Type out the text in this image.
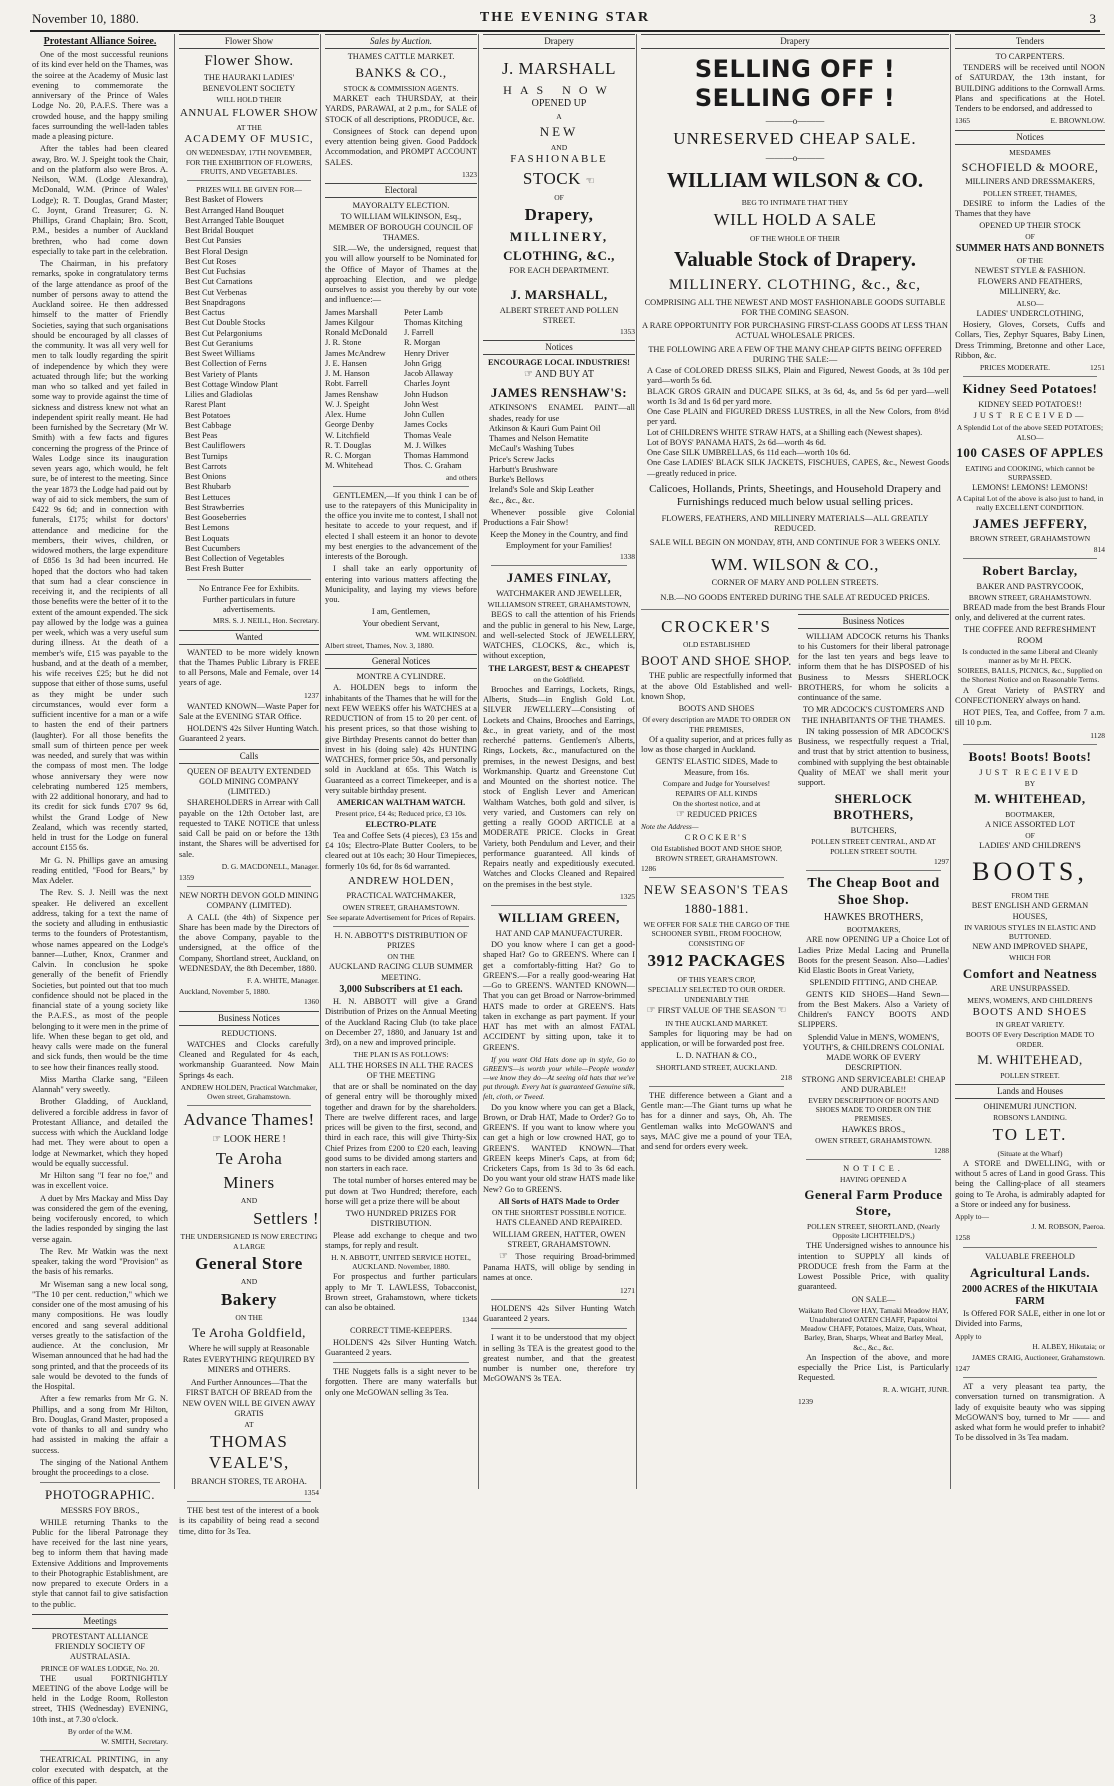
November 10, 1880.	THE EVENING STAR	3
Protestant Alliance Soiree.

One of the most successful reunions of its kind ever held on the Thames, was the soiree at the Academy of Music last evening to commemorate the anniversary of the Prince of Wales Lodge No. 20, P.A.F.S. There was a crowded house, and the happy smiling faces surrounding the well-laden tables made a pleasing picture.

After the tables had been cleared away, Bro. W. J. Speight took the Chair, and on the platform also were Bros. A. Neilson, W.M. (Lodge Alexandra), McDonald, W.M. (Prince of Wales' Lodge); R. T. Douglas, Grand Master; C. Joynt, Grand Treasurer; G. N. Phillips, Grand Chaplain; Bro. Scott, P.M., besides a number of Auckland brethren, who had come down especially to take part in the celebration.

The Chairman, in his prefatory remarks, spoke in congratulatory terms of the large attendance as proof of the number of persons away to attend the Auckland soiree. He then addressed himself to the matter of Friendly Societies, saying that such organisations should be encouraged by all classes of the community. It was all very well for men to talk loudly regarding the spirit of independence by which they were actuated through life; but the working man who so talked and yet failed in some way to provide against the time of sickness and distress knew not what an independent spirit really meant. He had been furnished by the Secretary (Mr W. Smith) with a few facts and figures concerning the progress of the Prince of Wales Lodge since its inauguration seven years ago, which would, he felt sure, be of interest to the meeting. Since the year 1873 the Lodge had paid out by way of aid to sick members, the sum of £422 9s 6d; and in connection with funerals, £175; whilst for doctors' attendance and medicine for the members, their wives, children, or widowed mothers, the large expenditure of £856 1s 3d had been incurred. He hoped that the doctors who had taken that sum had a clear conscience in receiving it, and the recipients of all those benefits were the better of it to the extent of the amount expended. The sick pay allowed by the lodge was a guinea per week, which was a very useful sum during illness. At the death of a member's wife, £15 was payable to the husband, and at the death of a member, his wife receives £25; but he did not suppose that either of those sums, useful as they might be under such circumstances, would ever form a sufficient incentive for a man or a wife to hasten the end of their partners (laughter). For all those benefits the small sum of thirteen pence per week was needed, and surely that was within the compass of most men. The lodge whose anniversary they were now celebrating numbered 125 members, with 22 additional honorary, and had to its credit for sick funds £707 9s 6d, whilst the Grand Lodge of New Zealand, which was recently started, held in trust for the Lodge on funeral account £155 6s.

Mr G. N. Phillips gave an amusing reading entitled, "Food for Bears," by Max Adeler.

The Rev. S. J. Neill was the next speaker. He delivered an excellent address, taking for a text the name of the society and alluding in enthusiastic terms to the founders of Protestantism, whose names appeared on the Lodge's banner—Luther, Knox, Cranmer and Calvin. In conclusion he spoke generally of the benefit of Friendly Societies, but pointed out that too much confidence should not be placed in the financial state of a young society like the P.A.F.S., as most of the people belonging to it were men in the prime of life. When these began to get old, and heavy calls were made on the funeral and sick funds, then would be the time to see how their finances really stood.

Miss Martha Clarke sang, "Eileen Alannah" very sweetly.

Brother Gladding, of Auckland, delivered a forcible address in favor of Protestant Alliance, and detailed the success with which the Auckland lodge had met. They were about to open a lodge at Newmarket, which they hoped would be equally successful.

Mr Hilton sang "I fear no foe," and was in excellent voice.

A duet by Mrs Mackay and Miss Day was considered the gem of the evening, being vociferously encored, to which the ladies responded by singing the last verse again.

The Rev. Mr Watkin was the next speaker, taking the word "Provision" as the basis of his remarks.

Mr Wiseman sang a new local song, "The 10 per cent. reduction," which we consider one of the most amusing of his many compositions. He was loudly encored and sang several additional verses greatly to the satisfaction of the audience. At the conclusion, Mr Wiseman announced that he had had the song printed, and that the proceeds of its sale would be devoted to the funds of the Hospital.

After a few remarks from Mr G. N. Phillips, and a song from Mr Hilton, Bro. Douglas, Grand Master, proposed a vote of thanks to all and sundry who had assisted in making the affair a success.

The singing of the National Anthem brought the proceedings to a close.

PHOTOGRAPHIC.
MESSRS FOY BROS.,

WHILE returning Thanks to the Public for the liberal Patronage they have received for the last nine years, beg to inform them that having made Extensive Additions and Improvements to their Photographic Establishment, are now prepared to execute Orders in a style that cannot fail to give satisfaction to the public.

Meetings
PROTESTANT ALLIANCE FRIENDLY SOCIETY OF AUSTRALASIA.
PRINCE OF WALES LODGE, No. 20.

THE usual FORTNIGHTLY MEETING of the above Lodge will be held in the Lodge Room, Rolleston street, THIS (Wednesday) EVENING, 10th inst., at 7.30 o'clock.

By order of the W.M.
W. SMITH, Secretary.

THEATRICAL PRINTING, in any color executed with despatch, at the office of this paper.

Flower Show
Flower Show.
THE HAURAKI LADIES' BENEVOLENT SOCIETY
WILL HOLD THEIR
ANNUAL FLOWER SHOW
AT THE
ACADEMY OF MUSIC,
ON WEDNESDAY, 17TH NOVEMBER,
FOR THE EXHIBITION OF FLOWERS, FRUITS, AND VEGETABLES.
PRIZES WILL BE GIVEN FOR—
Best Basket of Flowers
Best Arranged Hand Bouquet
Best Arranged Table Bouquet
Best Bridal Bouquet
Best Cut Pansies
Best Floral Design
Best Cut Roses
Best Cut Fuchsias
Best Cut Carnations
Best Cut Verbenas
Best Snapdragons
Best Cactus
Best Cut Double Stocks
Best Cut Pelargoniums
Best Cut Geraniums
Best Sweet Williams
Best Collection of Ferns
Best Variety of Plants
Best Cottage Window Plant
Lilies and Gladiolas
Rarest Plant
Best Potatoes
Best Cabbage
Best Peas
Best Cauliflowers
Best Turnips
Best Carrots
Best Onions
Best Rhubarb
Best Lettuces
Best Strawberries
Best Gooseberries
Best Lemons
Best Loquats
Best Cucumbers
Best Collection of Vegetables
Best Fresh Butter
No Entrance Fee for Exhibits.
Further particulars in future advertisements.
MRS. S. J. NEILL, Hon. Secretary.
Wanted

WANTED to be more widely known that the Thames Public Library is FREE to all Persons, Male and Female, over 14 years of age.

1237

WANTED KNOWN—Waste Paper for Sale at the EVENING STAR Office.

HOLDEN'S 42s Silver Hunting Watch. Guaranteed 2 years.

Calls
QUEEN OF BEAUTY EXTENDED GOLD MINING COMPANY (LIMITED.)

SHAREHOLDERS in Arrear with Call payable on the 12th October last, are requested to TAKE NOTICE that unless said Call be paid on or before the 13th instant, the Shares will be advertised for sale.

D. G. MACDONELL, Manager.
1359
NEW NORTH DEVON GOLD MINING COMPANY (LIMITED).

A CALL (the 4th) of Sixpence per Share has been made by the Directors of the above Company, payable to the undersigned, at the office of the Company, Shortland street, Auckland, on WEDNESDAY, the 8th December, 1880.

F. A. WHITE, Manager.
Auckland, November 5, 1880.
1360
Business Notices
REDUCTIONS.

WATCHES and Clocks carefully Cleaned and Regulated for 4s each, workmanship Guaranteed. Now Main Springs 4s each.

ANDREW HOLDEN, Practical Watchmaker, Owen street, Grahamstown.
Advance Thames!
☞ LOOK HERE !
Te Aroha
Miners
AND
Settlers !
THE UNDERSIGNED IS NOW ERECTING A LARGE
General Store
AND
Bakery
ON THE
Te Aroha Goldfield,
Where he will supply at Reasonable Rates EVERYTHING REQUIRED BY MINERS and OTHERS.
And Further Announces—That the FIRST BATCH OF BREAD from the NEW OVEN WILL BE GIVEN AWAY GRATIS
AT
THOMAS VEALE'S,
BRANCH STORES, TE AROHA.
1354

THE best test of the interest of a book is its capability of being read a second time, ditto for 3s Tea.

Sales by Auction.
THAMES CATTLE MARKET.
BANKS & CO.,
STOCK & COMMISSION AGENTS.

MARKET each THURSDAY, at their YARDS, PARAWAI, at 2 p.m., for SALE of STOCK of all descriptions, PRODUCE, &c.

Consignees of Stock can depend upon every attention being given. Good Paddock Accommodation, and PROMPT ACCOUNT SALES.

1323
Electoral
MAYORALTY ELECTION.
TO WILLIAM WILKINSON, Esq., MEMBER OF BOROUGH COUNCIL OF THAMES.

SIR.—We, the undersigned, request that you will allow yourself to be Nominated for the Office of Mayor of Thames at the approaching Election, and we pledge ourselves to assist you thereby by our vote and influence:—

James Marshall
James Kilgour
Ronald McDonald
J. R. Stone
James McAndrew
J. E. Hansen
J. M. Hanson
Robt. Farrell
James Renshaw
W. J. Speight
Alex. Hume
George Denby
W. Litchfield
R. T. Douglas
R. C. Morgan
M. Whitehead
Peter Lamb
Thomas Kitching
J. Farrell
R. Morgan
Henry Driver
John Grigg
Jacob Allaway
Charles Joynt
John Hudson
John West
John Cullen
James Cocks
Thomas Veale
M. J. Wilkes
Thomas Hammond
Thos. C. Graham
and others

GENTLEMEN,—If you think I can be of use to the ratepayers of this Municipality in the office you invite me to contest, I shall not hesitate to accede to your request, and if elected I shall esteem it an honor to devote my best energies to the advancement of the interests of the Borough.

I shall take an early opportunity of entering into various matters affecting the Municipality, and laying my views before you.

I am, Gentlemen,
Your obedient Servant,
WM. WILKINSON.
Albert street, Thames, Nov. 3, 1880.
General Notices
MONTRE A CYLINDRE.

A. HOLDEN begs to inform the inhabitants of the Thames that he will for the next FEW WEEKS offer his WATCHES at a REDUCTION of from 15 to 20 per cent. of his present prices, so that those wishing to give Birthday Presents cannot do better than invest in his (doing sale) 42s HUNTING WATCHES, former price 50s, and personally sold in Auckland at 65s. This Watch is Guaranteed as a correct Timekeeper, and is a very suitable birthday present.

AMERICAN WALTHAM WATCH.
Present price, £4 4s; Reduced price, £3 10s.
ELECTRO-PLATE

Tea and Coffee Sets (4 pieces), £3 15s and £4 10s; Electro-Plate Butter Coolers, to be cleared out at 10s each; 30 Hour Timepieces, formerly 10s 6d, for 8s 6d warranted.

ANDREW HOLDEN,
PRACTICAL WATCHMAKER,
OWEN STREET, GRAHAMSTOWN.
See separate Advertisement for Prices of Repairs.
H. N. ABBOTT'S DISTRIBUTION OF PRIZES
ON THE
AUCKLAND RACING CLUB SUMMER MEETING.
3,000 Subscribers at £1 each.

H. N. ABBOTT will give a Grand Distribution of Prizes on the Annual Meeting of the Auckland Racing Club (to take place on December 27, 1880, and January 1st and 3rd), on a new and improved principle.

THE PLAN IS AS FOLLOWS:
ALL THE HORSES IN ALL THE RACES OF THE MEETING

that are or shall be nominated on the day of general entry will be thoroughly mixed together and drawn for by the shareholders. There are twelve different races, and large prices will be given to the first, second, and third in each race, this will give Thirty-Six Chief Prizes from £200 to £20 each, leaving good sums to be divided among starters and non starters in each race.

The total number of horses entered may be put down at Two Hundred; therefore, each horse will get a prize there will be about

TWO HUNDRED PRIZES FOR DISTRIBUTION.

Please add exchange to cheque and two stamps, for reply and result.

H. N. ABBOTT, UNITED SERVICE HOTEL, AUCKLAND. November, 1880.

For prospectus and further particulars apply to Mr T. LAWLESS, Tobacconist, Brown street, Grahamstown, where tickets can also be obtained.

1344
CORRECT TIME-KEEPERS.

HOLDEN'S 42s Silver Hunting Watch. Guaranteed 2 years.

THE Nuggets falls is a sight never to be forgotten. There are many waterfalls but only one McGOWAN selling 3s Tea.

Drapery
J. MARSHALL
HAS NOW
OPENED UP
A
NEW
AND
FASHIONABLE
STOCK ☜
OF
Drapery,
MILLINERY,
CLOTHING, &C.,
FOR EACH DEPARTMENT.
J. MARSHALL,
ALBERT STREET AND POLLEN STREET.
1353
Notices
ENCOURAGE LOCAL INDUSTRIES!
☞ AND BUY AT
JAMES RENSHAW'S:
ATKINSON'S ENAMEL PAINT—all shades, ready for use
Atkinson & Kauri Gum Paint Oil
Thames and Nelson Hematite
McCaul's Washing Tubes
Price's Screw Jacks
Harbutt's Brushware
Burke's Bellows
Ireland's Sole and Skip Leather
&c., &c., &c.

Whenever possible give Colonial Productions a Fair Show!

Keep the Money in the Country, and find Employment for your Families!
1338
JAMES FINLAY,
WATCHMAKER AND JEWELLER,
WILLIAMSON STREET, GRAHAMSTOWN,

BEGS to call the attention of his Friends and the public in general to his New, Large, and well-selected Stock of JEWELLERY, WATCHES, CLOCKS, &c., which is, without exception,

THE LARGEST, BEST & CHEAPEST
on the Goldfield.

Brooches and Earrings, Lockets, Rings, Alberts, Studs—in English Gold Lot. SILVER JEWELLERY—Consisting of Lockets and Chains, Brooches and Earrings, &c., in great variety, and of the most recherché patterns. Gentlemen's Alberts, Rings, Lockets, &c., manufactured on the premises, in the newest Designs, and best Workmanship. Quartz and Greenstone Cut and Mounted on the shortest notice. The stock of English Lever and American Waltham Watches, both gold and silver, is very varied, and Customers can rely on getting a really GOOD ARTICLE at a MODERATE PRICE. Clocks in Great Variety, both Pendulum and Lever, and their performance guaranteed. All kinds of Repairs neatly and expeditiously executed. Watches and Clocks Cleaned and Repaired on the premises in the best style.

1325
WILLIAM GREEN,
HAT AND CAP MANUFACTURER.

DO you know where I can get a good-shaped Hat? Go to GREEN'S. Where can I get a comfortably-fitting Hat? Go to GREEN'S.—For a really good-wearing Hat—Go to GREEN'S. WANTED KNOWN—That you can get Broad or Narrow-brimmed HATS made to order at GREEN'S. Hats taken in exchange as part payment. If your HAT has met with an almost FATAL ACCIDENT by sitting upon, take it to GREEN'S.

If you want Old Hats done up in style, Go to GREEN'S—is worth your while—People wonder—we know they do—At seeing old hats that we've put through. Every hat is guaranteed Genuine silk, felt, cloth, or Tweed.

Do you know where you can get a Black, Brown, or Drab HAT, Made to Order? Go to GREEN'S. If you want to know where you can get a high or low crowned HAT, go to GREEN'S. WANTED KNOWN—That GREEN keeps Miner's Caps, at from 6d; Cricketers Caps, from 1s 3d to 3s 6d each. Do you want your old straw HATS made like New? Go to GREEN'S.

All Sorts of HATS Made to Order
ON THE SHORTEST POSSIBLE NOTICE.
HATS CLEANED AND REPAIRED.
WILLIAM GREEN, HATTER, OWEN STREET, GRAHAMSTOWN.

☞ Those requiring Broad-brimmed Panama HATS, will oblige by sending in names at once.

1271

HOLDEN'S 42s Silver Hunting Watch Guaranteed 2 years.

I want it to be understood that my object in selling 3s TEA is the greatest good to the greatest number, and that the greatest number is number one, therefore try McGOWAN'S 3s TEA.

Drapery
SELLING OFF ! SELLING OFF !
———o———
UNRESERVED CHEAP SALE.
———o———
WILLIAM WILSON & CO.
BEG TO INTIMATE THAT THEY
WILL HOLD A SALE
OF THE WHOLE OF THEIR
Valuable Stock of Drapery.
MILLINERY. CLOTHING, &c., &c,
COMPRISING ALL THE NEWEST AND MOST FASHIONABLE GOODS SUITABLE FOR THE COMING SEASON.
A RARE OPPORTUNITY FOR PURCHASING FIRST-CLASS GOODS AT LESS THAN ACTUAL WHOLESALE PRICES.
THE FOLLOWING ARE A FEW OF THE MANY CHEAP GIFTS BEING OFFERED DURING THE SALE:—
A Case of COLORED DRESS SILKS, Plain and Figured, Newest Goods, at 3s 10d per yard—worth 5s 6d.
BLACK GROS GRAIN and DUCAPE SILKS, at 3s 6d, 4s, and 5s 6d per yard—well worth 1s 3d and 1s 6d per yard more.
One Case PLAIN and FIGURED DRESS LUSTRES, in all the New Colors, from 8½d per yard.
Lot of CHILDREN'S WHITE STRAW HATS, at a Shilling each (Newest shapes).
Lot of BOYS' PANAMA HATS, 2s 6d—worth 4s 6d.
One Case SILK UMBRELLAS, 6s 11d each—worth 10s 6d.
One Case LADIES' BLACK SILK JACKETS, FISCHUES, CAPES, &c., Newest Goods—greatly reduced in price.
Calicoes, Hollands, Prints, Sheetings, and Household Drapery and Furnishings reduced much below usual selling prices.
FLOWERS, FEATHERS, AND MILLINERY MATERIALS—ALL GREATLY REDUCED.
SALE WILL BEGIN ON MONDAY, 8TH, AND CONTINUE FOR 3 WEEKS ONLY.
WM. WILSON & CO.,
CORNER OF MARY AND POLLEN STREETS.
N.B.—NO GOODS ENTERED DURING THE SALE AT REDUCED PRICES.
CROCKER'S
OLD ESTABLISHED
BOOT AND SHOE SHOP.

THE public are respectfully informed that at the above Old Established and well-known Shop,

BOOTS AND SHOES
Of every description are MADE TO ORDER ON THE PREMISES,

Of a quality superior, and at prices fully as low as those charged in Auckland.

GENTS' ELASTIC SIDES, Made to Measure, from 16s.
Compare and Judge for Yourselves!
REPAIRS OF ALL KINDS
On the shortest notice, and at
☞ REDUCED PRICES
Note the Address—
CROCKER'S
Old Established BOOT AND SHOE SHOP,
BROWN STREET, GRAHAMSTOWN.
1286
NEW SEASON'S TEAS
1880-1881.
WE OFFER FOR SALE THE CARGO OF THE SCHOONER SYBIL, FROM FOOCHOW,
CONSISTING OF
3912 PACKAGES
OF THIS YEAR'S CROP,
SPECIALLY SELECTED TO OUR ORDER.
UNDENIABLY THE
☞ FIRST VALUE OF THE SEASON ☜
IN THE AUCKLAND MARKET.

Samples for liquoring may be had on application, or will be forwarded post free.

L. D. NATHAN & CO.,
SHORTLAND STREET, AUCKLAND.
218

THE difference between a Giant and a Gentle man:—The Giant turns up what he has for a dinner and says, Oh, Ah. The Gentleman walks into McGOWAN'S and says, MAC give me a pound of your TEA, and send for orders every week.

Business Notices

WILLIAM ADCOCK returns his Thanks to his Customers for their liberal patronage for the last ten years and begs leave to inform them that he has DISPOSED of his Business to Messrs SHERLOCK BROTHERS, for whom he solicits a continuance of the same.

TO MR ADCOCK'S CUSTOMERS AND THE INHABITANTS OF THE THAMES.

IN taking possession of MR ADCOCK'S Business, we respectfully request a Trial, and trust that by strict attention to business, combined with supplying the best obtainable Quality of MEAT we shall merit your support.

SHERLOCK BROTHERS,
BUTCHERS,
POLLEN STREET CENTRAL, AND AT POLLEN STREET SOUTH.
1297
The Cheap Boot and Shoe Shop.
HAWKES BROTHERS,
BOOTMAKERS,

ARE now OPENING UP a Choice Lot of Ladies Prize Medal Lacing and Prunella Boots for the present Season. Also—Ladies' Kid Elastic Boots in Great Variety,

SPLENDID FITTING, AND CHEAP.

GENTS KID SHOES—Hand Sewn—from the Best Makers. Also a Variety of Children's FANCY BOOTS AND SLIPPERS.

Splendid Value in MEN'S, WOMEN'S, YOUTH'S, & CHILDREN'S COLONIAL MADE WORK OF EVERY DESCRIPTION.
STRONG AND SERVICEABLE! CHEAP AND DURABLE!!
EVERY DESCRIPTION OF BOOTS AND SHOES MADE TO ORDER ON THE PREMISES.
HAWKES BROS.,
OWEN STREET, GRAHAMSTOWN.
1288
NOTICE.
HAVING OPENED A
General Farm Produce Store,
POLLEN STREET, SHORTLAND, (Nearly Opposite LICHTFIELD'S,)

THE Undersigned wishes to announce his intention to SUPPLY all kinds of PRODUCE fresh from the Farm at the Lowest Possible Price, with quality guaranteed.

ON SALE—
Waikato Red Clover HAY, Tamaki Meadow HAY, Unadulterated OATEN CHAFF, Papatoitoi Meadow CHAFF, Potatoes, Maize, Oats, Wheat, Barley, Bran, Sharps, Wheat and Barley Meal, &c., &c., &c.

An Inspection of the above, and more especially the Price List, is Particularly Requested.

R. A. WIGHT, JUNR.
1239
Tenders
TO CARPENTERS.

TENDERS will be received until NOON of SATURDAY, the 13th instant, for BUILDING additions to the Cornwall Arms. Plans and specifications at the Hotel. Tenders to be endorsed, and addressed to

1365	E. BROWNLOW.
Notices
MESDAMES
SCHOFIELD & MOORE,
MILLINERS AND DRESSMAKERS,
POLLEN STREET, THAMES,

DESIRE to inform the Ladies of the Thames that they have

OPENED UP THEIR STOCK
OF
SUMMER HATS AND BONNETS
OF THE
NEWEST STYLE & FASHION.
FLOWERS AND FEATHERS, MILLINERY, &c.
ALSO—
LADIES' UNDERCLOTHING,

Hosiery, Gloves, Corsets, Cuffs and Collars, Ties, Zephyr Squares, Baby Linen, Dress Trimming, Bretonne and other Lace, Ribbon, &c.

PRICES MODERATE.	1251
Kidney Seed Potatoes!
KIDNEY SEED POTATOES!!
JUST RECEIVED—
A Splendid Lot of the above SEED POTATOES;
ALSO—
100 CASES OF APPLES
EATING and COOKING, which cannot be SURPASSED.
LEMONS! LEMONS! LEMONS!
A Capital Lot of the above is also just to hand, in really EXCELLENT CONDITION.
JAMES JEFFERY,
BROWN STREET, GRAHAMSTOWN
814
Robert Barclay,
BAKER AND PASTRYCOOK,
BROWN STREET, GRAHAMSTOWN.

BREAD made from the best Brands Flour only, and delivered at the current rates.

THE COFFEE AND REFRESHMENT ROOM
Is conducted in the same Liberal and Cleanly manner as by Mr H. PECK.
SOIREES, BALLS, PICNICS, &c., Supplied on the Shortest Notice and on Reasonable Terms.

A Great Variety of PASTRY and CONFECTIONERY always on hand.

HOT PIES, Tea, and Coffee, from 7 a.m. till 10 p.m.

1128
Boots! Boots! Boots!
JUST RECEIVED
BY
M. WHITEHEAD,
BOOTMAKER,
A NICE ASSORTED LOT
OF
LADIES' AND CHILDREN'S
BOOTS,
FROM THE
BEST ENGLISH AND GERMAN HOUSES,
IN VARIOUS STYLES IN ELASTIC AND BUTTONED.
NEW AND IMPROVED SHAPE,
WHICH FOR
Comfort and Neatness
ARE UNSURPASSED.
MEN'S, WOMEN'S, AND CHILDREN'S
BOOTS AND SHOES
IN GREAT VARIETY.
BOOTS OF Every Description MADE TO ORDER.
M. WHITEHEAD,
POLLEN STREET.
Lands and Houses
OHINEMURI JUNCTION.
ROBSON'S LANDING.
TO LET.
(Situate at the Wharf)

A STORE and DWELLING, with or without 5 acres of Land in good Grass. This being the Calling-place of all steamers going to Te Aroha, is admirably adapted for a Store or indeed any for business.

Apply to—
J. M. ROBSON, Paeroa.
1258
VALUABLE FREEHOLD
Agricultural Lands.
2000 ACRES of the HIKUTAIA FARM

Is Offered FOR SALE, either in one lot or Divided into Farms,

Apply to
H. ALBEY, Hikutaia; or
JAMES CRAIG, Auctioneer, Grahamstown.
1247

AT a very pleasant tea party, the conversation turned on transmigration. A lady of exquisite beauty who was sipping McGOWAN'S boy, turned to Mr —— and asked what form he would prefer to inhabit? To be dissolved in 3s Tea madam.
